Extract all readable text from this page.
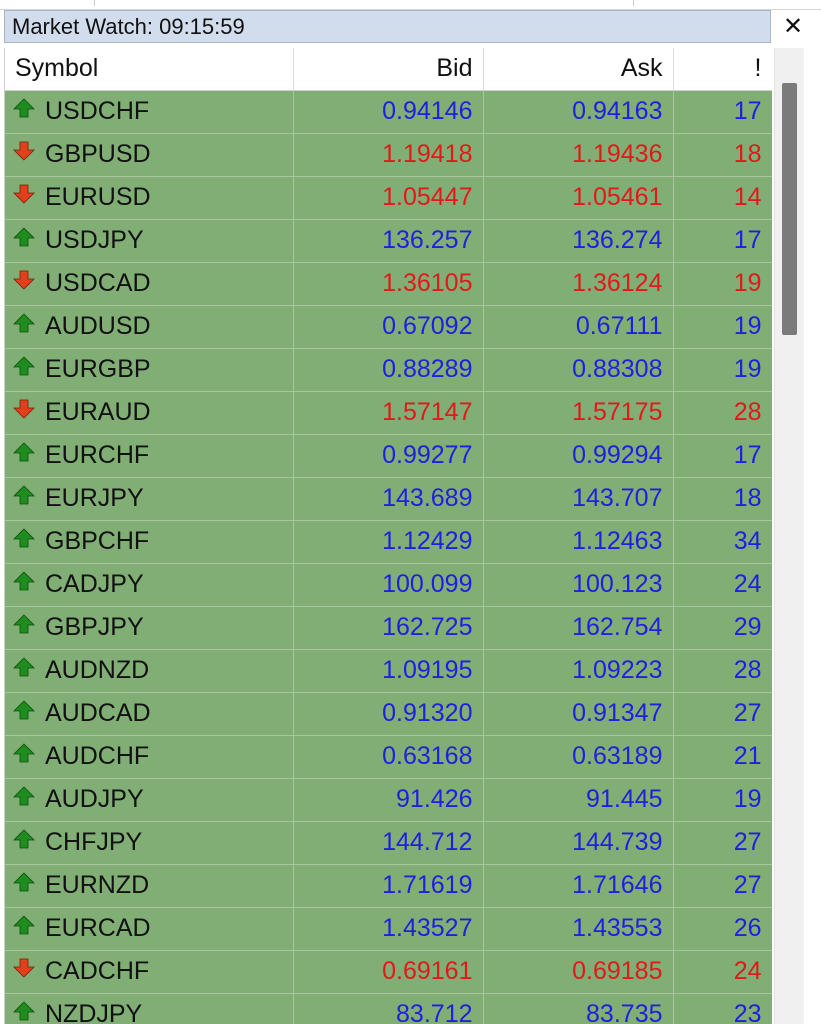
Market Watch: 09:15:59	✕
Symbol	Bid	Ask	!

USDCHF	0.94146	0.94163	17

GBPUSD	1.19418	1.19436	18

EURUSD	1.05447	1.05461	14

USDJPY	136.257	136.274	17

USDCAD	1.36105	1.36124	19

AUDUSD	0.67092	0.67111	19

EURGBP	0.88289	0.88308	19

EURAUD	1.57147	1.57175	28

EURCHF	0.99277	0.99294	17

EURJPY	143.689	143.707	18

GBPCHF	1.12429	1.12463	34

CADJPY	100.099	100.123	24

GBPJPY	162.725	162.754	29

AUDNZD	1.09195	1.09223	28

AUDCAD	0.91320	0.91347	27

AUDCHF	0.63168	0.63189	21

AUDJPY	91.426	91.445	19

CHFJPY	144.712	144.739	27

EURNZD	1.71619	1.71646	27

EURCAD	1.43527	1.43553	26

CADCHF	0.69161	0.69185	24

NZDJPY	83.712	83.735	23
